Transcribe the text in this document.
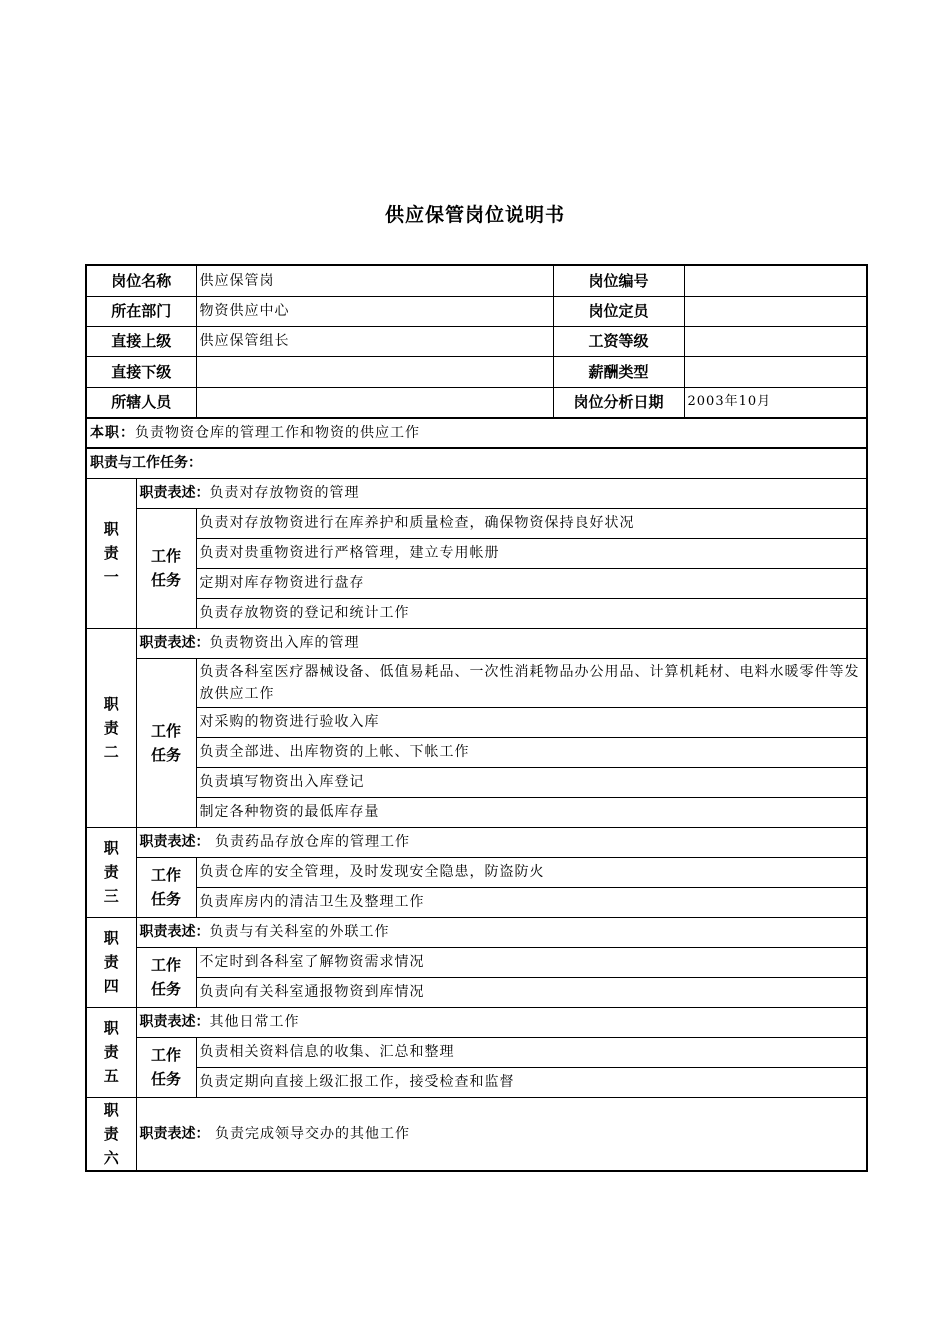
供应保管岗位说明书
岗位名称		供应保管岗	岗位编号	
所在部门		物资供应中心	岗位定员	
直接上级		供应保管组长	工资等级	
直接下级			薪酬类型	
所辖人员			岗位分析日期	2003年10月
本职：负责物资仓库的管理工作和物资的供应工作				
职责与工作任务：				

职
责
一	职责表述：负责对存放物资的管理			

	工作
任务	负责对存放物资进行在库养护和质量检查，确保物资保持良好状况		
		负责对贵重物资进行严格管理，建立专用帐册		
		定期对库存物资进行盘存		
		负责存放物资的登记和统计工作		

职
责
二	职责表述：负责物资出入库的管理			

	工作
任务	负责各科室医疗器械设备、低值易耗品、一次性消耗物品办公用品、计算机耗材、电料水暖零件等发放供应工作		
		对采购的物资进行验收入库		
		负责全部进、出库物资的上帐、下帐工作		
		负责填写物资出入库登记		
		制定各种物资的最低库存量		

职
责
三	职责表述： 负责药品存放仓库的管理工作			

	工作
任务	负责仓库的安全管理，及时发现安全隐患，防盗防火		
		负责库房内的清洁卫生及整理工作		

职
责
四	职责表述：负责与有关科室的外联工作			

	工作
任务	不定时到各科室了解物资需求情况		
		负责向有关科室通报物资到库情况		

职
责
五	职责表述：其他日常工作			

	工作
任务	负责相关资料信息的收集、汇总和整理		
		负责定期向直接上级汇报工作，接受检查和监督		

职
责
六	职责表述： 负责完成领导交办的其他工作			
